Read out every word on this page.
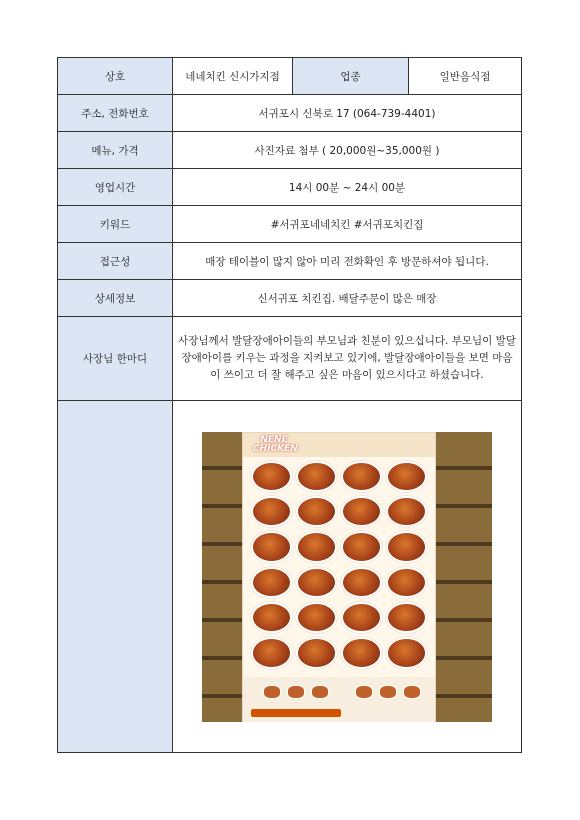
상호	네네치킨 신시가지점	업종	일반음식점
주소, 전화번호	서귀포시 신북로 17 (064-739-4401)		
메뉴, 가격	사진자료 첨부 ( 20,000원~35,000원 )		
영업시간	14시 00분 ~ 24시 00분		
키워드	#서귀포네네치킨 #서귀포치킨집		
접근성	매장 테이블이 많지 않아 미리 전화확인 후 방문하셔야 됩니다.		
상세정보	신서귀포 치킨집. 배달주문이 많은 매장		
사장님 한마디	사장님께서 발달장애아이들의 부모님과 친분이 있으십니다. 부모님이 발달장애아이를 키우는 과정을 지켜보고 있기에, 발달장애아이들을 보면 마음이 쓰이고 더 잘 해주고 싶은 마음이 있으시다고 하셨습니다.		

	NENE CHICKEN		
